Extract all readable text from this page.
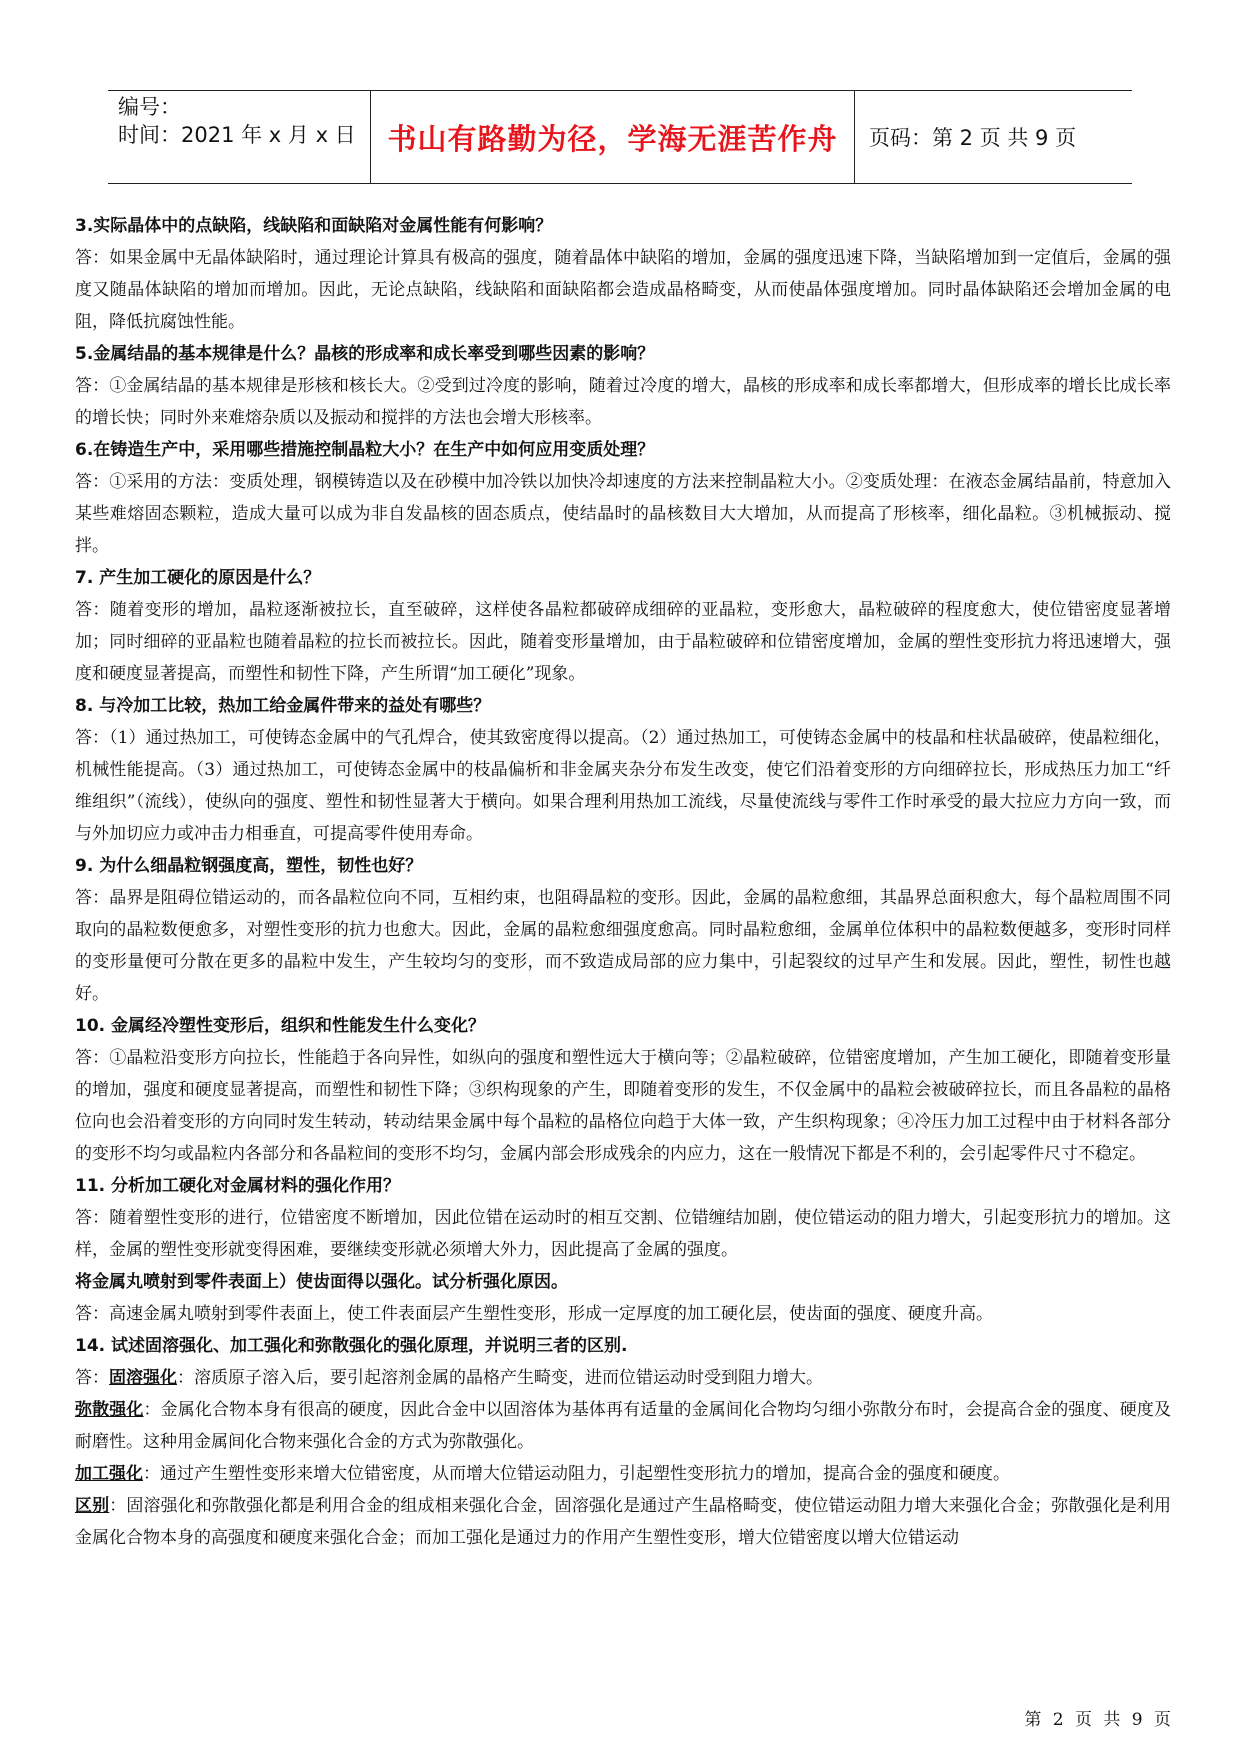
编号：
时间：2021 年 x 月 x 日	书山有路勤为径，学海无涯苦作舟 页码：第 2 页 共 9 页
3.实际晶体中的点缺陷，线缺陷和面缺陷对金属性能有何影响？
答：如果金属中无晶体缺陷时，通过理论计算具有极高的强度，随着晶体中缺陷的增加，金属的强度迅速下降，当缺陷增加到一定值后，金属的强度又随晶体缺陷的增加而增加。因此，无论点缺陷，线缺陷和面缺陷都会造成晶格畸变，从而使晶体强度增加。同时晶体缺陷还会增加金属的电阻，降低抗腐蚀性能。
5.金属结晶的基本规律是什么？晶核的形成率和成长率受到哪些因素的影响？
答：①金属结晶的基本规律是形核和核长大。②受到过冷度的影响，随着过冷度的增大，晶核的形成率和成长率都增大，但形成率的增长比成长率的增长快；同时外来难熔杂质以及振动和搅拌的方法也会增大形核率。
6.在铸造生产中，采用哪些措施控制晶粒大小？在生产中如何应用变质处理？
答：①采用的方法：变质处理，钢模铸造以及在砂模中加冷铁以加快冷却速度的方法来控制晶粒大小。②变质处理：在液态金属结晶前，特意加入某些难熔固态颗粒，造成大量可以成为非自发晶核的固态质点，使结晶时的晶核数目大大增加，从而提高了形核率，细化晶粒。③机械振动、搅拌。
7. 产生加工硬化的原因是什么？
答：随着变形的增加，晶粒逐渐被拉长，直至破碎，这样使各晶粒都破碎成细碎的亚晶粒，变形愈大，晶粒破碎的程度愈大，使位错密度显著增加；同时细碎的亚晶粒也随着晶粒的拉长而被拉长。因此，随着变形量增加，由于晶粒破碎和位错密度增加，金属的塑性变形抗力将迅速增大，强度和硬度显著提高，而塑性和韧性下降，产生所谓“加工硬化”现象。
8. 与冷加工比较，热加工给金属件带来的益处有哪些？
答：（1）通过热加工，可使铸态金属中的气孔焊合，使其致密度得以提高。（2）通过热加工，可使铸态金属中的枝晶和柱状晶破碎，使晶粒细化，机械性能提高。（3）通过热加工，可使铸态金属中的枝晶偏析和非金属夹杂分布发生改变，使它们沿着变形的方向细碎拉长，形成热压力加工“纤维组织”（流线），使纵向的强度、塑性和韧性显著大于横向。如果合理利用热加工流线，尽量使流线与零件工作时承受的最大拉应力方向一致，而与外加切应力或冲击力相垂直，可提高零件使用寿命。
9. 为什么细晶粒钢强度高，塑性，韧性也好？
答：晶界是阻碍位错运动的，而各晶粒位向不同，互相约束，也阻碍晶粒的变形。因此，金属的晶粒愈细，其晶界总面积愈大，每个晶粒周围不同取向的晶粒数便愈多，对塑性变形的抗力也愈大。因此，金属的晶粒愈细强度愈高。同时晶粒愈细，金属单位体积中的晶粒数便越多，变形时同样的变形量便可分散在更多的晶粒中发生，产生较均匀的变形，而不致造成局部的应力集中，引起裂纹的过早产生和发展。因此，塑性，韧性也越好。
10. 金属经冷塑性变形后，组织和性能发生什么变化？
答：①晶粒沿变形方向拉长，性能趋于各向异性，如纵向的强度和塑性远大于横向等；②晶粒破碎，位错密度增加，产生加工硬化，即随着变形量的增加，强度和硬度显著提高，而塑性和韧性下降；③织构现象的产生，即随着变形的发生，不仅金属中的晶粒会被破碎拉长，而且各晶粒的晶格位向也会沿着变形的方向同时发生转动，转动结果金属中每个晶粒的晶格位向趋于大体一致，产生织构现象；④冷压力加工过程中由于材料各部分的变形不均匀或晶粒内各部分和各晶粒间的变形不均匀，金属内部会形成残余的内应力，这在一般情况下都是不利的，会引起零件尺寸不稳定。
11. 分析加工硬化对金属材料的强化作用？
答：随着塑性变形的进行，位错密度不断增加，因此位错在运动时的相互交割、位错缠结加剧，使位错运动的阻力增大，引起变形抗力的增加。这样，金属的塑性变形就变得困难，要继续变形就必须增大外力，因此提高了金属的强度。
将金属丸喷射到零件表面上）使齿面得以强化。试分析强化原因。
答：高速金属丸喷射到零件表面上，使工件表面层产生塑性变形，形成一定厚度的加工硬化层，使齿面的强度、硬度升高。
14. 试述固溶强化、加工强化和弥散强化的强化原理，并说明三者的区别.
答：固溶强化：溶质原子溶入后，要引起溶剂金属的晶格产生畸变，进而位错运动时受到阻力增大。
弥散强化：金属化合物本身有很高的硬度，因此合金中以固溶体为基体再有适量的金属间化合物均匀细小弥散分布时，会提高合金的强度、硬度及耐磨性。这种用金属间化合物来强化合金的方式为弥散强化。
加工强化：通过产生塑性变形来增大位错密度，从而增大位错运动阻力，引起塑性变形抗力的增加，提高合金的强度和硬度。
区别：固溶强化和弥散强化都是利用合金的组成相来强化合金，固溶强化是通过产生晶格畸变，使位错运动阻力增大来强化合金；弥散强化是利用金属化合物本身的高强度和硬度来强化合金；而加工强化是通过力的作用产生塑性变形，增大位错密度以增大位错运动
第 2 页 共 9 页
